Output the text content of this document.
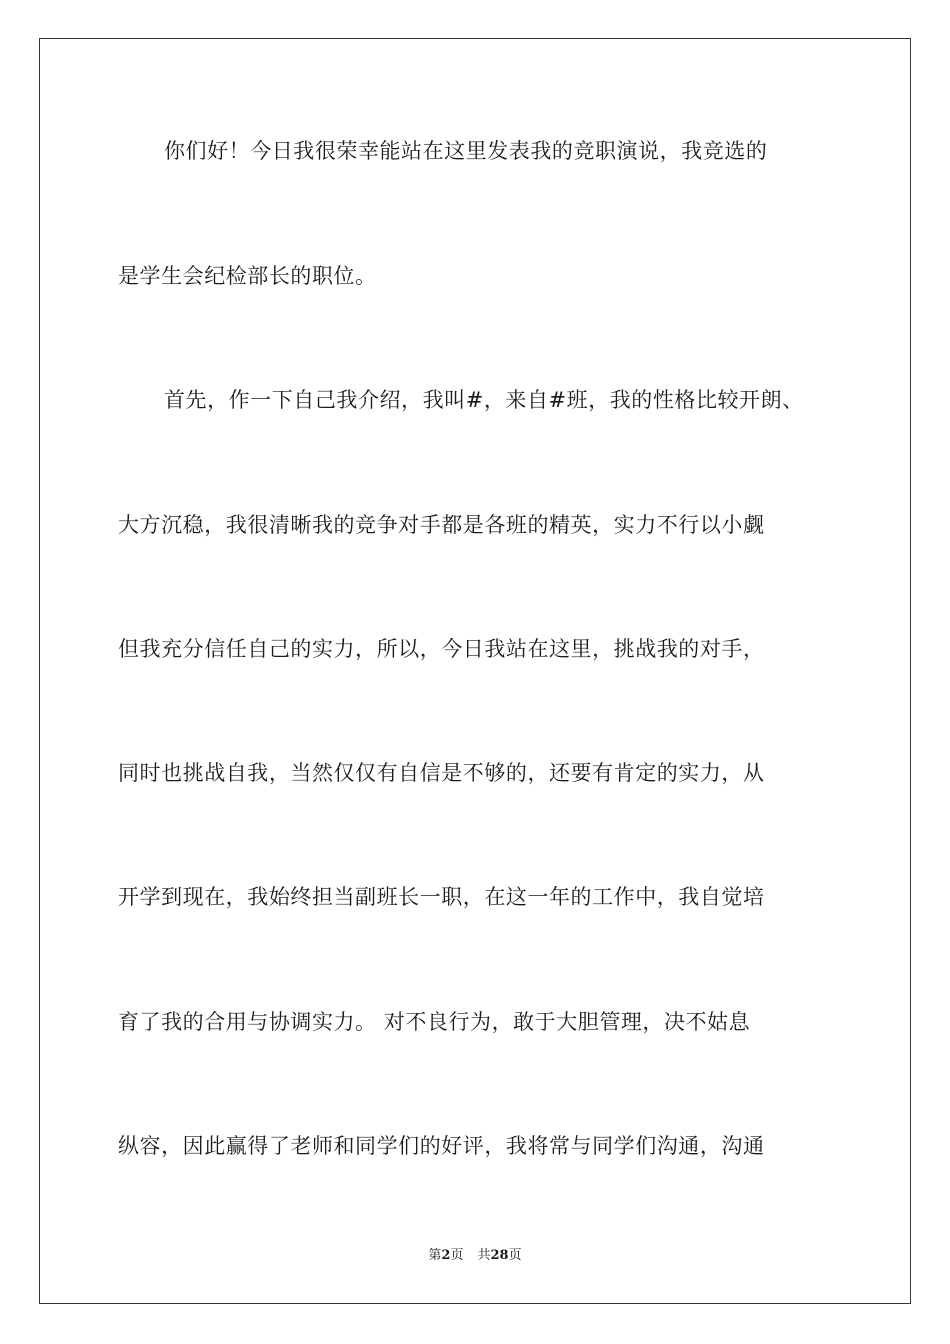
你们好！今日我很荣幸能站在这里发表我的竞职演说，我竞选的
是学生会纪检部长的职位。
首先，作一下自己我介绍，我叫#，来自#班，我的性格比较开朗、
大方沉稳，我很清晰我的竞争对手都是各班的精英，实力不行以小觑
但我充分信任自己的实力，所以，今日我站在这里，挑战我的对手，
同时也挑战自我，当然仅仅有自信是不够的，还要有肯定的实力，从
开学到现在，我始终担当副班长一职，在这一年的工作中，我自觉培
育了我的合用与协调实力。 对不良行为，敢于大胆管理，决不姑息
纵容，因此赢得了老师和同学们的好评，我将常与同学们沟通，沟通
第2页 共28页
